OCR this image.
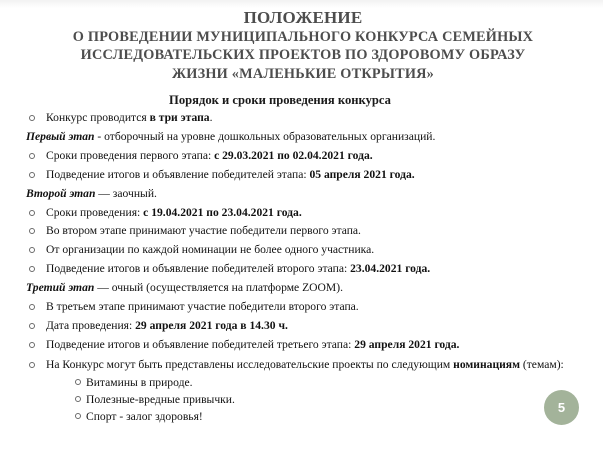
ПОЛОЖЕНИЕ
О ПРОВЕДЕНИИ МУНИЦИПАЛЬНОГО КОНКУРСА СЕМЕЙНЫХ
ИССЛЕДОВАТЕЛЬСКИХ ПРОЕКТОВ ПО ЗДОРОВОМУ ОБРАЗУ
ЖИЗНИ «МАЛЕНЬКИЕ ОТКРЫТИЯ»
Порядок и сроки проведения конкурса
Конкурс проводится в три этапа.
Первый этап - отборочный на уровне дошкольных образовательных организаций.
Сроки проведения первого этапа: с 29.03.2021 по 02.04.2021 года.
Подведение итогов и объявление победителей этапа: 05 апреля 2021 года.
Второй этап — заочный.
Сроки проведения: с 19.04.2021 по 23.04.2021 года.
Во втором этапе принимают участие победители первого этапа.
От организации по каждой номинации не более одного участника.
Подведение итогов и объявление победителей второго этапа: 23.04.2021 года.
Третий этап — очный (осуществляется на платформе ZOOM).
В третьем этапе принимают участие победители второго этапа.
Дата проведения: 29 апреля 2021 года в 14.30 ч.
Подведение итогов и объявление победителей третьего этапа: 29 апреля 2021 года.
На Конкурс могут быть представлены исследовательские проекты по следующим номинациям (темам):
Витамины в природе.
Полезные-вредные привычки.
Спорт - залог здоровья!
5
